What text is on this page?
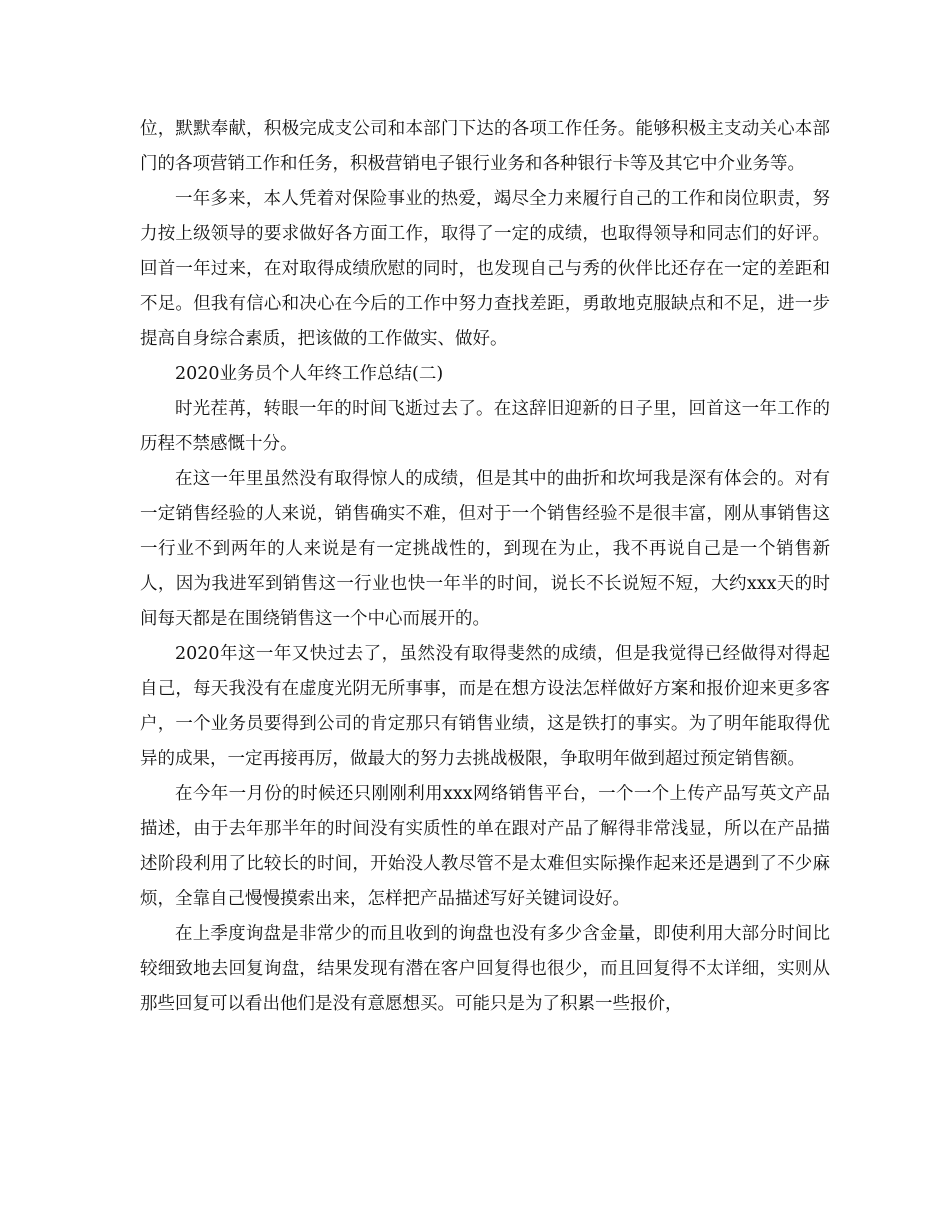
位，默默奉献，积极完成支公司和本部门下达的各项工作任务。能够积极主支动关心本部门的各项营销工作和任务，积极营销电子银行业务和各种银行卡等及其它中介业务等。

一年多来，本人凭着对保险事业的热爱，竭尽全力来履行自己的工作和岗位职责，努力按上级领导的要求做好各方面工作，取得了一定的成绩，也取得领导和同志们的好评。回首一年过来，在对取得成绩欣慰的同时，也发现自己与秀的伙伴比还存在一定的差距和不足。但我有信心和决心在今后的工作中努力查找差距，勇敢地克服缺点和不足，进一步提高自身综合素质，把该做的工作做实、做好。

2020业务员个人年终工作总结(二)

时光茬苒，转眼一年的时间飞逝过去了。在这辞旧迎新的日子里，回首这一年工作的历程不禁感慨十分。

在这一年里虽然没有取得惊人的成绩，但是其中的曲折和坎坷我是深有体会的。对有一定销售经验的人来说，销售确实不难，但对于一个销售经验不是很丰富，刚从事销售这一行业不到两年的人来说是有一定挑战性的，到现在为止，我不再说自己是一个销售新人，因为我进军到销售这一行业也快一年半的时间，说长不长说短不短，大约xxx天的时间每天都是在围绕销售这一个中心而展开的。

2020年这一年又快过去了，虽然没有取得斐然的成绩，但是我觉得已经做得对得起自己，每天我没有在虚度光阴无所事事，而是在想方设法怎样做好方案和报价迎来更多客户，一个业务员要得到公司的肯定那只有销售业绩，这是铁打的事实。为了明年能取得优异的成果，一定再接再厉，做最大的努力去挑战极限，争取明年做到超过预定销售额。

在今年一月份的时候还只刚刚利用xxx网络销售平台，一个一个上传产品写英文产品描述，由于去年那半年的时间没有实质性的单在跟对产品了解得非常浅显，所以在产品描述阶段利用了比较长的时间，开始没人教尽管不是太难但实际操作起来还是遇到了不少麻烦，全靠自己慢慢摸索出来，怎样把产品描述写好关键词设好。

在上季度询盘是非常少的而且收到的询盘也没有多少含金量，即使利用大部分时间比较细致地去回复询盘，结果发现有潜在客户回复得也很少，而且回复得不太详细，实则从那些回复可以看出他们是没有意愿想买。可能只是为了积累一些报价，
